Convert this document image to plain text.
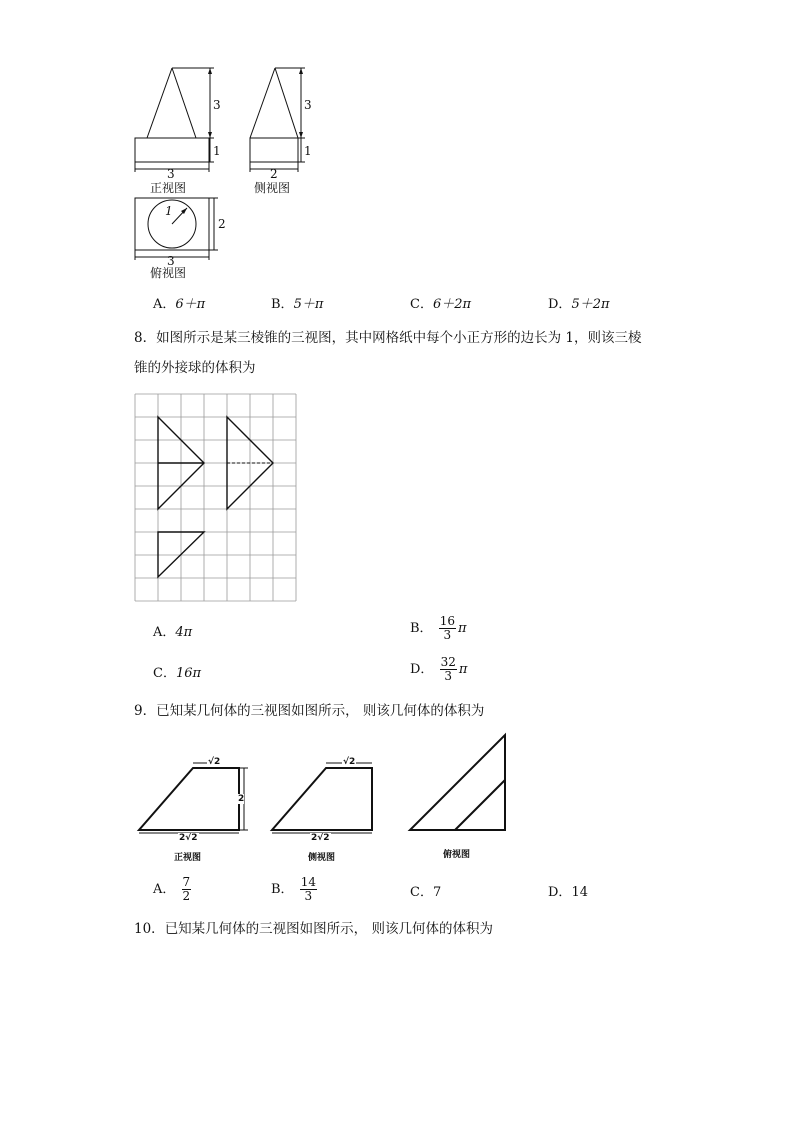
3
1
3
正视图
3
1
2
侧视图
1
2
3
俯视图
A．6＋π	B．5＋π	C．6＋2π	D．5＋2π
8．如图所示是某三棱锥的三视图，其中网格纸中每个小正方形的边长为 1，则该三棱
锥的外接球的体积为
A．4π	B． $\frac{16}{3}$ π
C．16π	D． $\frac{32}{3}$ π
9．已知某几何体的三视图如图所示， 则该几何体的体积为
√2
2
2√2
正视图
√2
2√2
侧视图	俯视图
A． $\frac{7}{2}$	B． $\frac{14}{3}$	C．7	D．14
10．已知某几何体的三视图如图所示， 则该几何体的体积为
